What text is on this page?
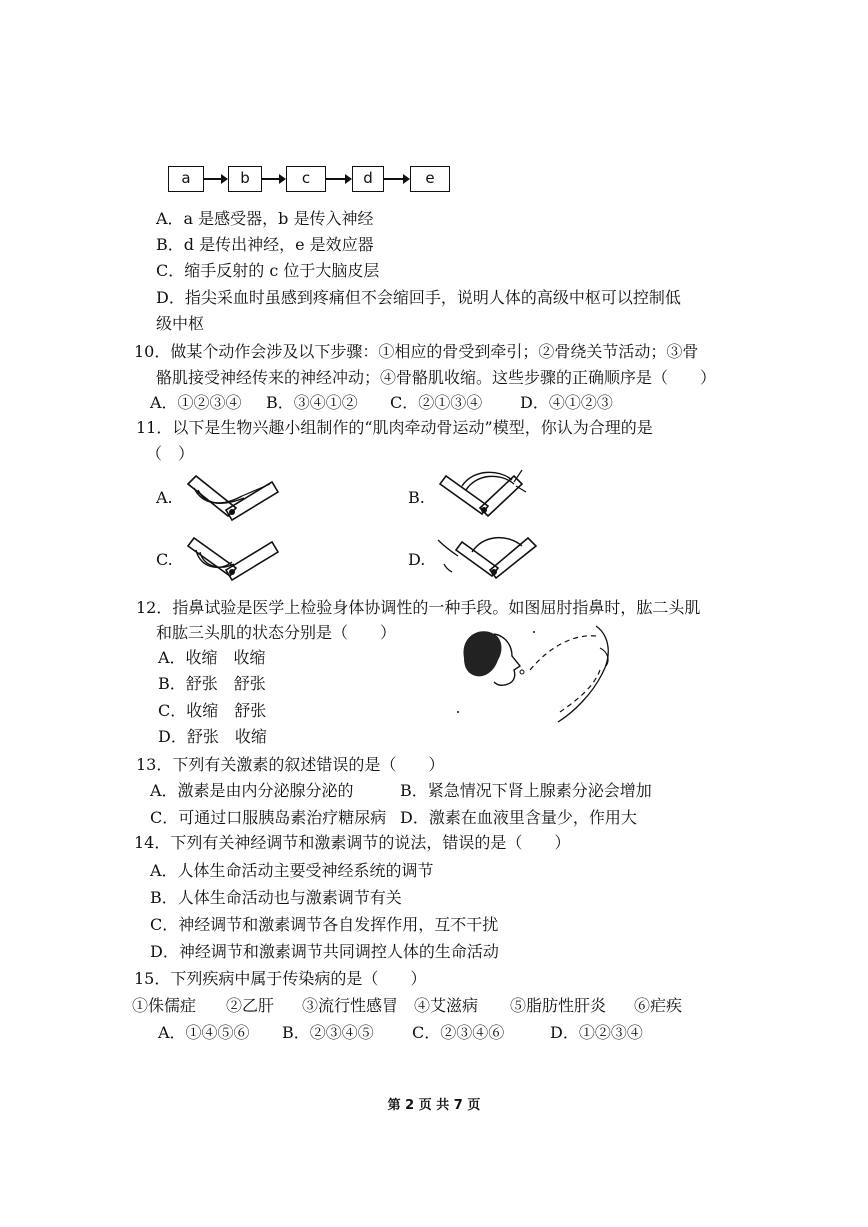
a	b	c	d	e
A．a 是感受器，b 是传入神经
B．d 是传出神经，e 是效应器
C．缩手反射的 c 位于大脑皮层
D．指尖采血时虽感到疼痛但不会缩回手，说明人体的高级中枢可以控制低
级中枢
10．做某个动作会涉及以下步骤：①相应的骨受到牵引；②骨绕关节活动；③骨
骼肌接受神经传来的神经冲动；④骨骼肌收缩。这些步骤的正确顺序是（　　）
A．①②③④ B．③④①② C．②①③④ D．④①②③
11．以下是生物兴趣小组制作的“肌肉牵动骨运动”模型，你认为合理的是
（　）
A.	B.
C.	D.
12．指鼻试验是医学上检验身体协调性的一种手段。如图屈肘指鼻时，肱二头肌
和肱三头肌的状态分别是（　　）
A．收缩　收缩
B．舒张　舒张
C．收缩　舒张
D．舒张　收缩
13．下列有关激素的叙述错误的是（　　）
A．激素是由内分泌腺分泌的	B．紧急情况下肾上腺素分泌会增加
C．可通过口服胰岛素治疗糖尿病 D．激素在血液里含量少，作用大
14．下列有关神经调节和激素调节的说法，错误的是（　　）
A．人体生命活动主要受神经系统的调节
B．人体生命活动也与激素调节有关
C．神经调节和激素调节各自发挥作用，互不干扰
D．神经调节和激素调节共同调控人体的生命活动
15．下列疾病中属于传染病的是（　　）
①侏儒症 ②乙肝 ③流行性感冒 ④艾滋病 ⑤脂肪性肝炎 ⑥疟疾
A．①④⑤⑥ B．②③④⑤ C．②③④⑥	D．①②③④
第 2 页 共 7 页
